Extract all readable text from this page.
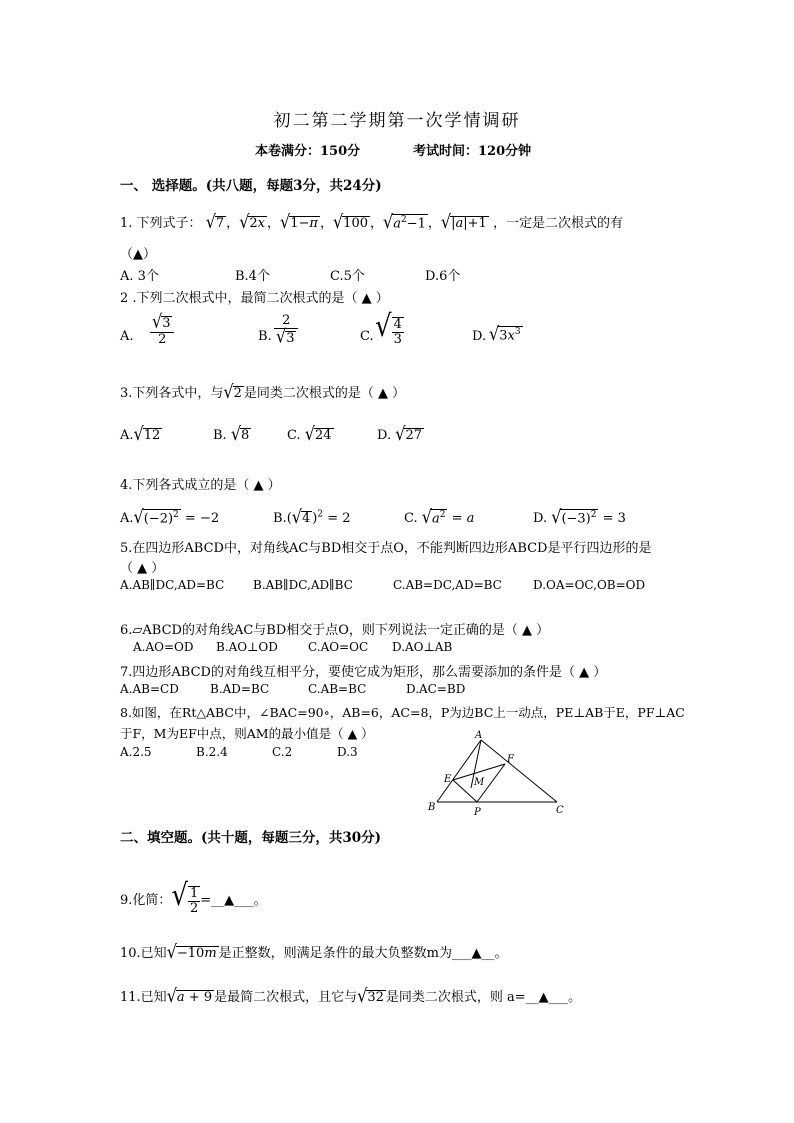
初二第二学期第一次学情调研
本卷满分：150分	考试时间：120分钟
一、 选择题。(共八题，每题3分，共24分)
1. 下列式子： √7 ，√2x ，√1−π ，√100 ，$√a^2-1$ ，√|a|+1 ，一定是二次根式的有
（▲）
A. 3个	B.4个	C.5个	D.6个
2 .下列二次根式中，最简二次根式的是（ ▲ ）
A. $\frac{√3}{2}$	B. $\frac{2}{√3}$	C. √ $\frac{4}{3}$	D. $√3x^3$
3.下列各式中，与√2 是同类二次根式的是（ ▲ ）
A.√12	B. √8	C. √24	D. √27
4.下列各式成立的是（ ▲ ）
$A.√(-2)^2 = -2$	B.(√4 )$^2$ = 2	C. $√a^2 = a$	D. $√(-3)^2 = 3$
5.在四边形ABCD中，对角线AC与BD相交于点O，不能判断四边形ABCD是平行四边形的是
（ ▲ ）
A.AB∥DC,AD=BC B.AB∥DC,AD∥BC	C.AB=DC,AD=BC	D.OA=OC,OB=OD
6.▱ABCD的对角线AC与BD相交于点O，则下列说法一定正确的是（ ▲ ）
A.AO=OD B.AO⊥OD	C.AO=OC D.AO⊥AB
7.四边形ABCD的对角线互相平分，要使它成为矩形，那么需要添加的条件是（ ▲ ）
A.AB=CD	B.AD=BC	C.AB=BC	D.AC=BD
8.如图，在Rt△ABC中，∠BAC=90∘，AB=6，AC=8，P为边BC上一动点，PE⊥AB于E，PF⊥AC
于F，M为EF中点，则AM的最小值是（ ▲ ）
A.2.5	B.2.4	C.2	D.3
A
E
F
M
B	P	C
二、填空题。(共十题，每题三分，共30分)
9.化简：√ $\frac{1}{2}$ =__▲___。
10.已知√−10m 是正整数，则满足条件的最大负整数m为___▲__。
11.已知√a + 9 是最简二次根式，且它与√32 是同类二次根式，则 a=__▲___。
